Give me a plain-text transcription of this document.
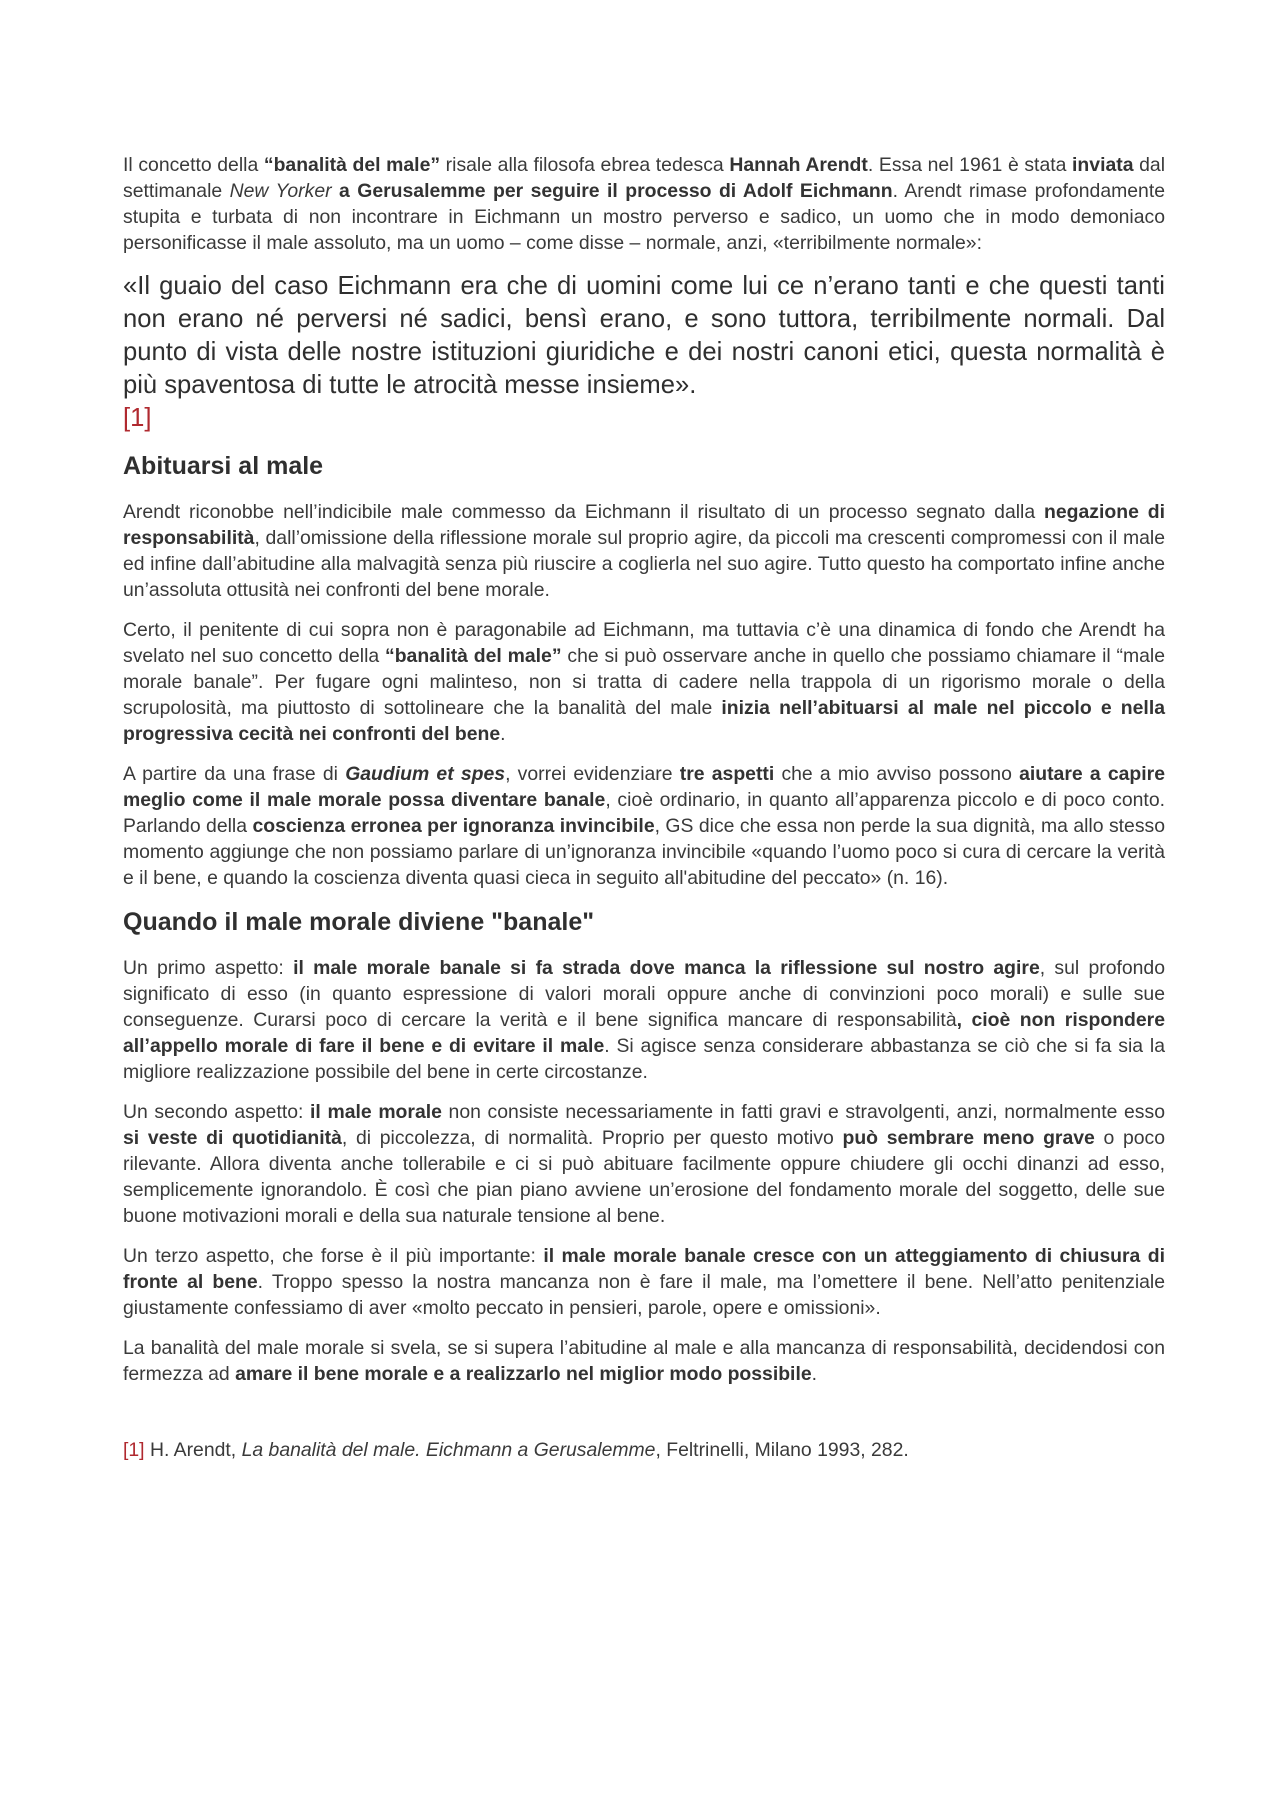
Il concetto della “banalità del male” risale alla filosofa ebrea tedesca Hannah Arendt. Essa nel 1961 è stata inviata dal settimanale New Yorker a Gerusalemme per seguire il processo di Adolf Eichmann. Arendt rimase profondamente stupita e turbata di non incontrare in Eichmann un mostro perverso e sadico, un uomo che in modo demoniaco personificasse il male assoluto, ma un uomo – come disse – normale, anzi, «terribilmente normale»:

«Il guaio del caso Eichmann era che di uomini come lui ce n’erano tanti e che questi tanti non erano né perversi né sadici, bensì erano, e sono tuttora, terribilmente normali. Dal punto di vista delle nostre istituzioni giuridiche e dei nostri canoni etici, questa normalità è più spaventosa di tutte le atrocità messe insieme».
[1]

Abituarsi al male

Arendt riconobbe nell’indicibile male commesso da Eichmann il risultato di un processo segnato dalla negazione di responsabilità, dall’omissione della riflessione morale sul proprio agire, da piccoli ma crescenti compromessi con il male ed infine dall’abitudine alla malvagità senza più riuscire a coglierla nel suo agire. Tutto questo ha comportato infine anche un’assoluta ottusità nei confronti del bene morale.

Certo, il penitente di cui sopra non è paragonabile ad Eichmann, ma tuttavia c’è una dinamica di fondo che Arendt ha svelato nel suo concetto della “banalità del male” che si può osservare anche in quello che possiamo chiamare il “male morale banale”. Per fugare ogni malinteso, non si tratta di cadere nella trappola di un rigorismo morale o della scrupolosità, ma piuttosto di sottolineare che la banalità del male inizia nell’abituarsi al male nel piccolo e nella progressiva cecità nei confronti del bene.

A partire da una frase di Gaudium et spes, vorrei evidenziare tre aspetti che a mio avviso possono aiutare a capire meglio come il male morale possa diventare banale, cioè ordinario, in quanto all’apparenza piccolo e di poco conto. Parlando della coscienza erronea per ignoranza invincibile, GS dice che essa non perde la sua dignità, ma allo stesso momento aggiunge che non possiamo parlare di un’ignoranza invincibile «quando l’uomo poco si cura di cercare la verità e il bene, e quando la coscienza diventa quasi cieca in seguito all'abitudine del peccato» (n. 16).

Quando il male morale diviene "banale"

Un primo aspetto: il male morale banale si fa strada dove manca la riflessione sul nostro agire, sul profondo significato di esso (in quanto espressione di valori morali oppure anche di convinzioni poco morali) e sulle sue conseguenze. Curarsi poco di cercare la verità e il bene significa mancare di responsabilità, cioè non rispondere all’appello morale di fare il bene e di evitare il male. Si agisce senza considerare abbastanza se ciò che si fa sia la migliore realizzazione possibile del bene in certe circostanze.

Un secondo aspetto: il male morale non consiste necessariamente in fatti gravi e stravolgenti, anzi, normalmente esso si veste di quotidianità, di piccolezza, di normalità. Proprio per questo motivo può sembrare meno grave o poco rilevante. Allora diventa anche tollerabile e ci si può abituare facilmente oppure chiudere gli occhi dinanzi ad esso, semplicemente ignorandolo. È così che pian piano avviene un’erosione del fondamento morale del soggetto, delle sue buone motivazioni morali e della sua naturale tensione al bene.

Un terzo aspetto, che forse è il più importante: il male morale banale cresce con un atteggiamento di chiusura di fronte al bene. Troppo spesso la nostra mancanza non è fare il male, ma l’omettere il bene. Nell’atto penitenziale giustamente confessiamo di aver «molto peccato in pensieri, parole, opere e omissioni».

La banalità del male morale si svela, se si supera l’abitudine al male e alla mancanza di responsabilità, decidendosi con fermezza ad amare il bene morale e a realizzarlo nel miglior modo possibile.

[1] H. Arendt, La banalità del male. Eichmann a Gerusalemme, Feltrinelli, Milano 1993, 282.
